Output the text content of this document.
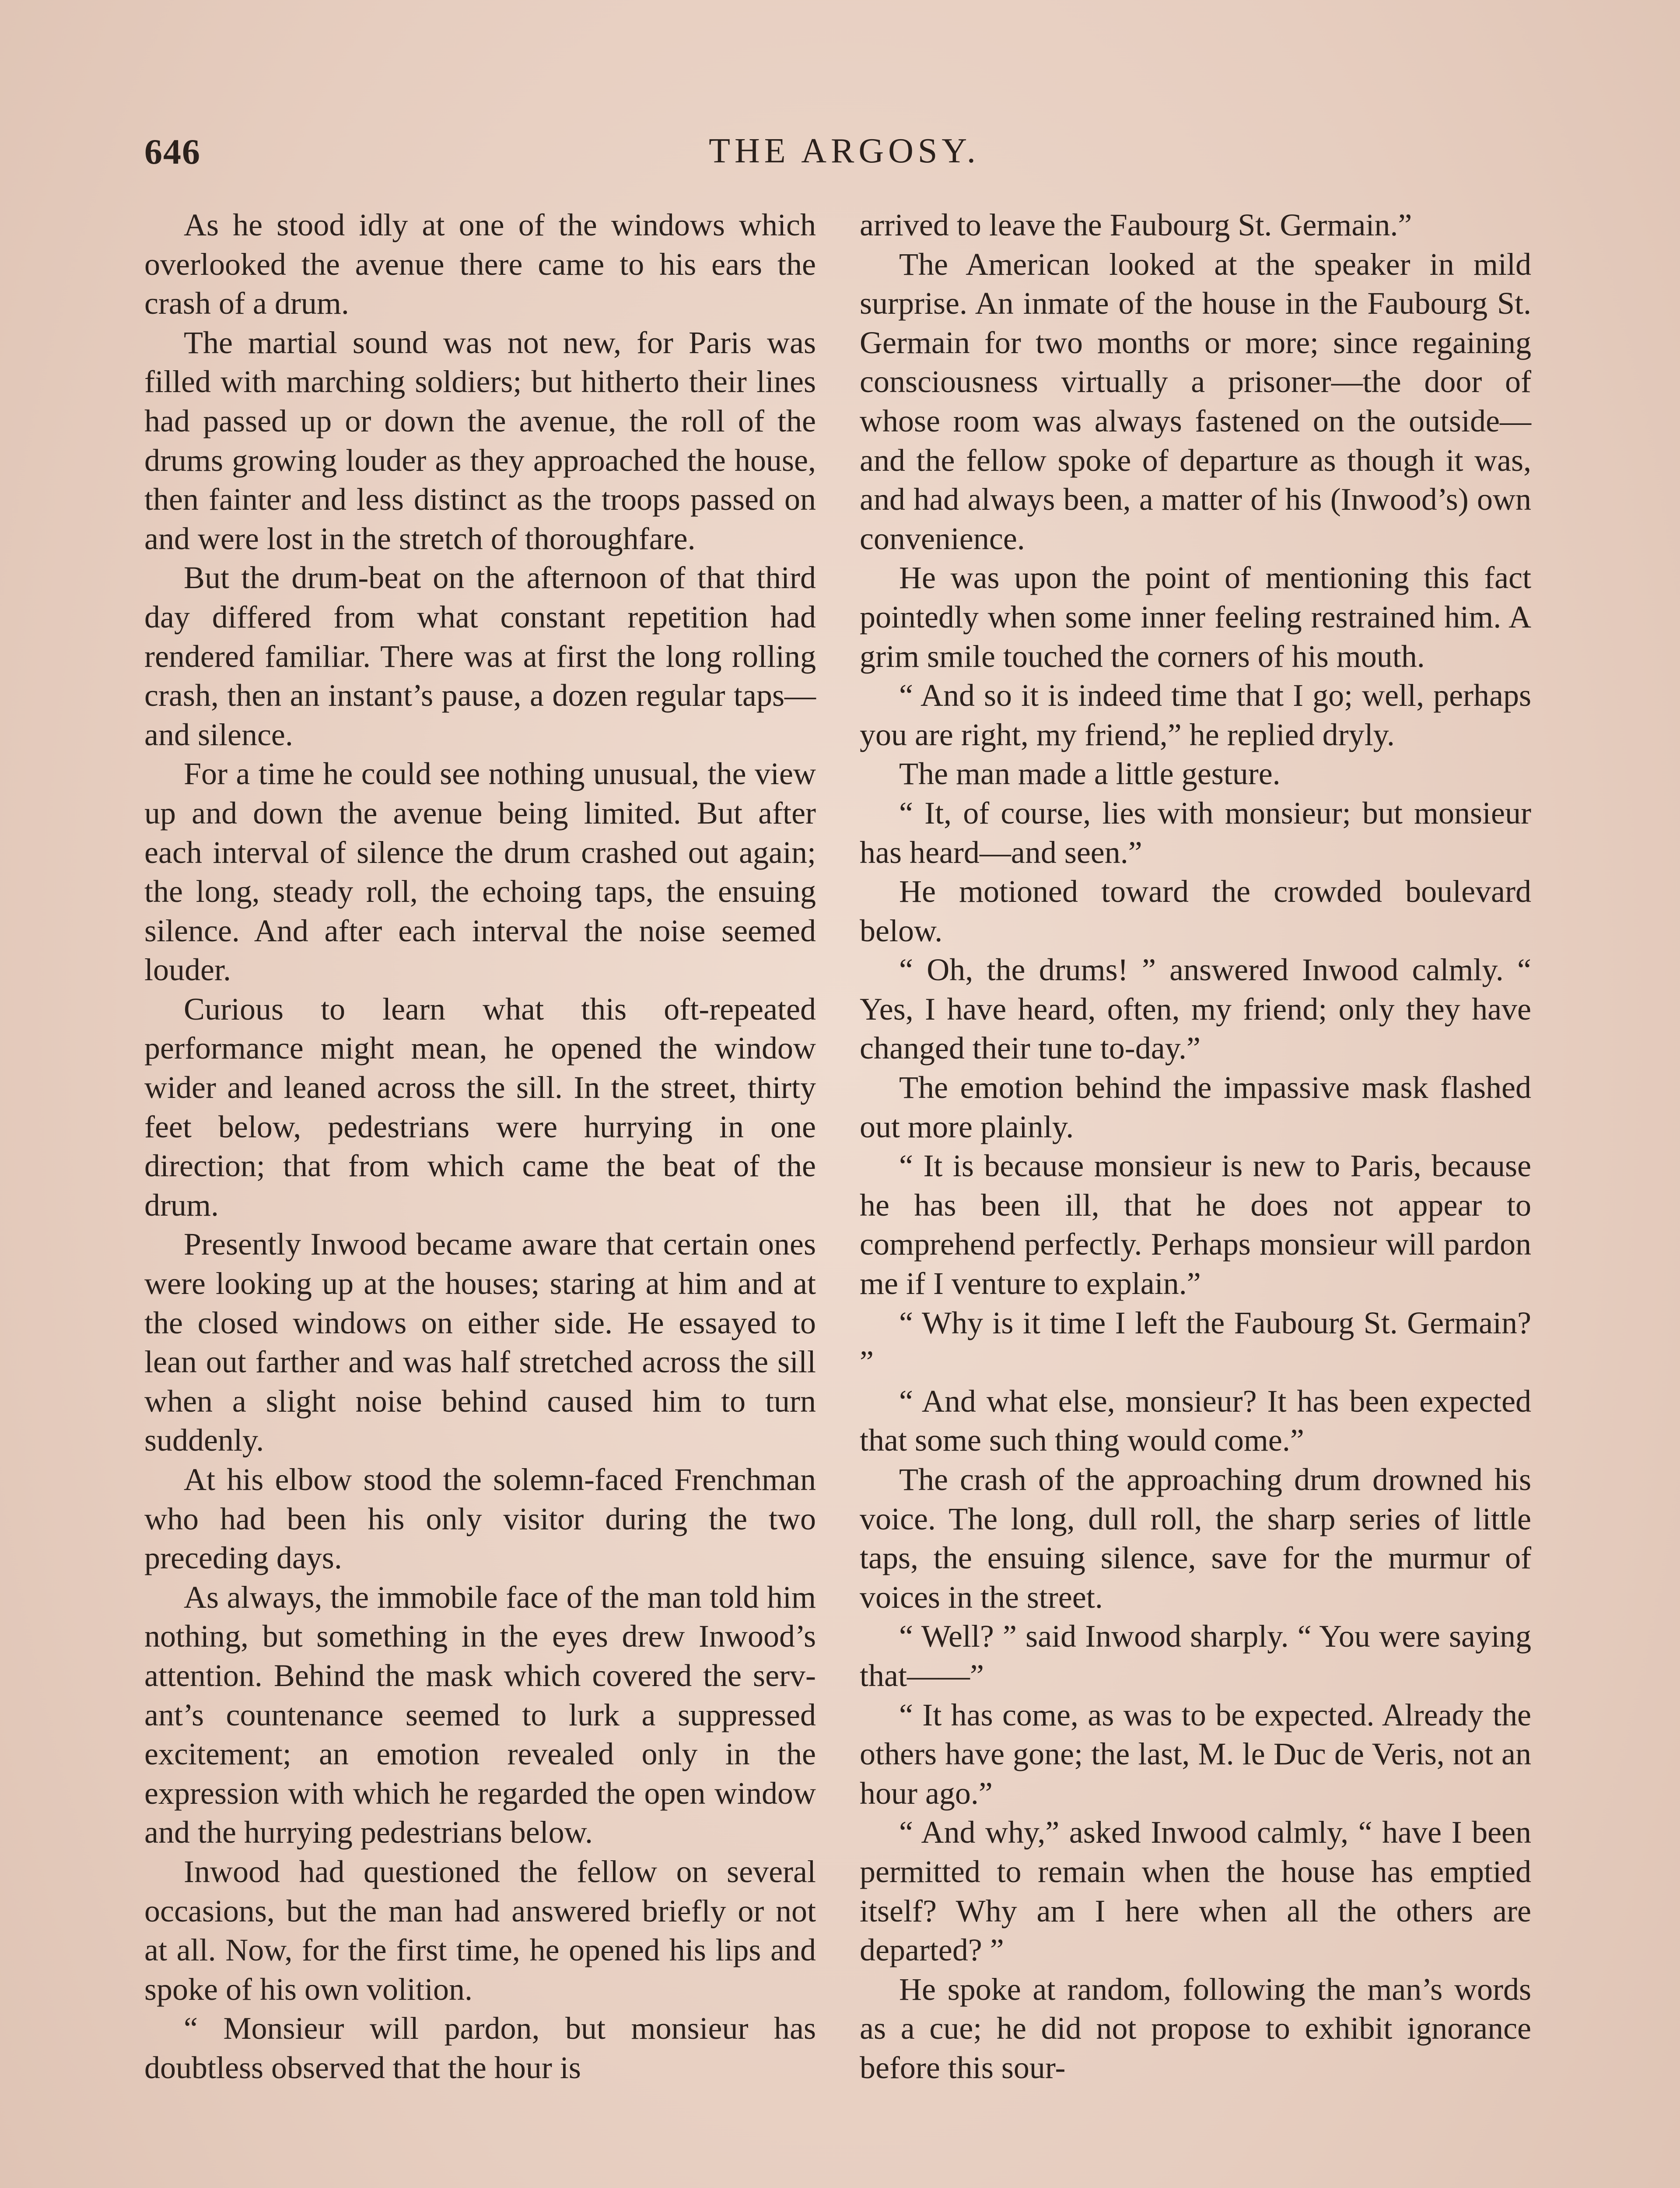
646	THE ARGOSY.

As he stood idly at one of the windows which overlooked the avenue there came to his ears the crash of a drum.

The martial sound was not new, for Paris was filled with marching soldiers; but hitherto their lines had passed up or down the avenue, the roll of the drums growing louder as they approached the house, then fainter and less distinct as the troops passed on and were lost in the stretch of thoroughfare.

But the drum-beat on the afternoon of that third day differed from what constant repetition had rendered familiar. There was at first the long rolling crash, then an instant’s pause, a dozen regular taps—and silence.

For a time he could see nothing unusual, the view up and down the avenue being limited. But after each interval of silence the drum crashed out again; the long, steady roll, the echoing taps, the ensuing silence. And after each interval the noise seemed louder.

Curious to learn what this oft-repeated performance might mean, he opened the window wider and leaned across the sill. In the street, thirty feet below, pedestrians were hurrying in one direction; that from which came the beat of the drum.

Presently Inwood became aware that certain ones were looking up at the houses; staring at him and at the closed windows on either side. He essayed to lean out farther and was half stretched across the sill when a slight noise behind caused him to turn suddenly.

At his elbow stood the solemn-faced Frenchman who had been his only visitor during the two preceding days.

As always, the immobile face of the man told him nothing, but something in the eyes drew Inwood’s attention. Behind the mask which covered the servant’s countenance seemed to lurk a suppressed excitement; an emotion revealed only in the expression with which he regarded the open window and the hurrying pedestrians below.

Inwood had questioned the fellow on several occasions, but the man had answered briefly or not at all. Now, for the first time, he opened his lips and spoke of his own volition.

“ Monsieur will pardon, but monsieur has doubtless observed that the hour is

arrived to leave the Faubourg St. Germain.”

The American looked at the speaker in mild surprise. An inmate of the house in the Faubourg St. Germain for two months or more; since regaining consciousness virtually a prisoner—the door of whose room was always fastened on the outside—and the fellow spoke of departure as though it was, and had always been, a matter of his (Inwood’s) own convenience.

He was upon the point of mentioning this fact pointedly when some inner feeling restrained him. A grim smile touched the corners of his mouth.

“ And so it is indeed time that I go; well, perhaps you are right, my friend,” he replied dryly.

The man made a little gesture.

“ It, of course, lies with monsieur; but monsieur has heard—and seen.”

He motioned toward the crowded boulevard below.

“ Oh, the drums! ” answered Inwood calmly. “ Yes, I have heard, often, my friend; only they have changed their tune to-day.”

The emotion behind the impassive mask flashed out more plainly.

“ It is because monsieur is new to Paris, because he has been ill, that he does not appear to comprehend perfectly. Perhaps monsieur will pardon me if I venture to explain.”

“ Why is it time I left the Faubourg St. Germain? ”

“ And what else, monsieur? It has been expected that some such thing would come.”

The crash of the approaching drum drowned his voice. The long, dull roll, the sharp series of little taps, the ensuing silence, save for the murmur of voices in the street.

“ Well? ” said Inwood sharply. “ You were saying that——”

“ It has come, as was to be expected. Already the others have gone; the last, M. le Duc de Veris, not an hour ago.”

“ And why,” asked Inwood calmly, “ have I been permitted to remain when the house has emptied itself? Why am I here when all the others are departed? ”

He spoke at random, following the man’s words as a cue; he did not propose to exhibit ignorance before this sour-
